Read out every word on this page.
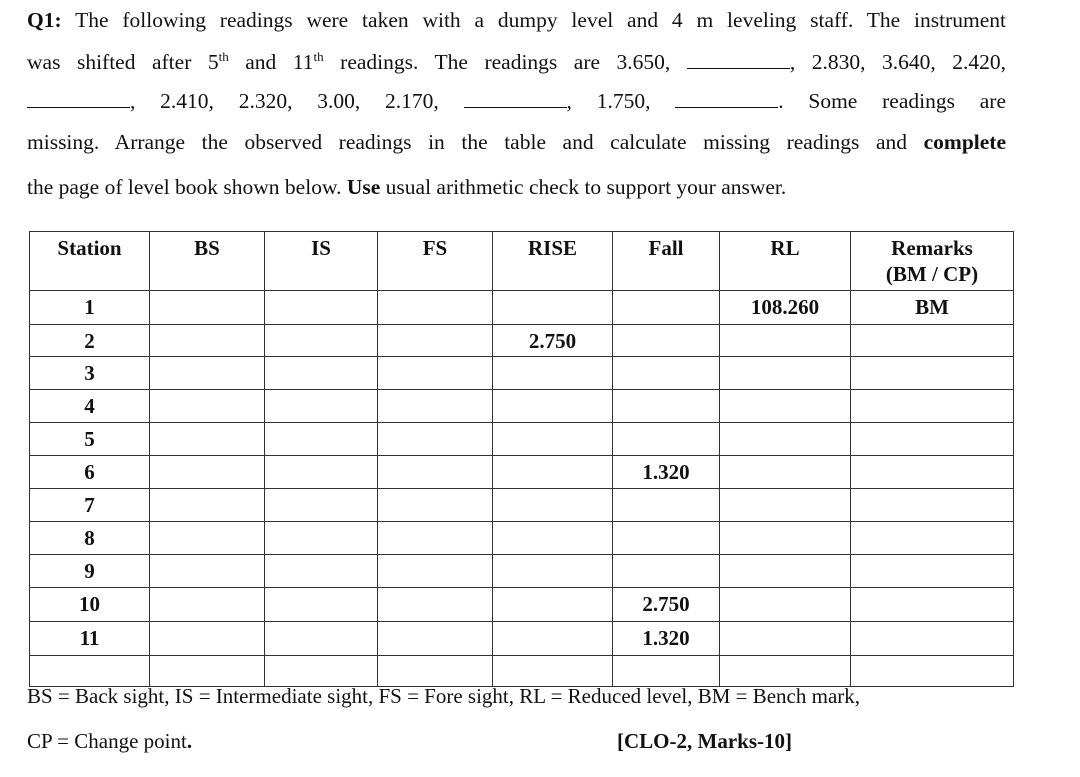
Q1: The following readings were taken with a dumpy level and 4 m leveling staff. The instrument
was shifted after 5th and 11th readings. The readings are 3.650,	, 2.830, 3.640, 2.420,
, 2.410, 2.320, 3.00, 2.170,	, 1.750,	. Some readings are
missing. Arrange the observed readings in the table and calculate missing readings and complete
the page of level book shown below. Use usual arithmetic check to support your answer.
Station	BS	IS	FS	RISE	Fall	RL	Remarks
(BM / CP)
1						108.260	BM
2				2.750			
3							
4							
5							
6					1.320		
7							
8							
9							
10					2.750		
11					1.320		

BS = Back sight, IS = Intermediate sight, FS = Fore sight, RL = Reduced level, BM = Bench mark,
CP = Change point.	[CLO-2, Marks-10]
